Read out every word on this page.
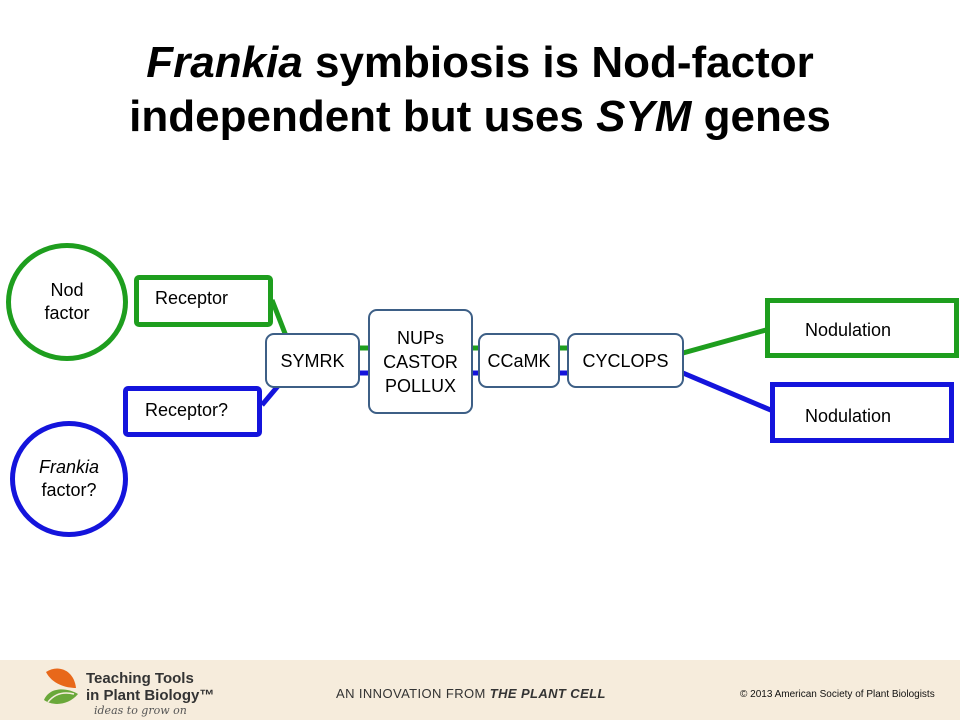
Frankia symbiosis is Nod-factor
independent but uses SYM genes
Nod
factor
Frankia
factor?
Receptor
Receptor?
SYMRK
NUPs
CASTOR
POLLUX
CCaMK CYCLOPS
Nodulation
Nodulation
Teaching Tools
in Plant Biology™
ideas to grow on
AN INNOVATION FROM THE PLANT CELL	© 2013 American Society of Plant Biologists
